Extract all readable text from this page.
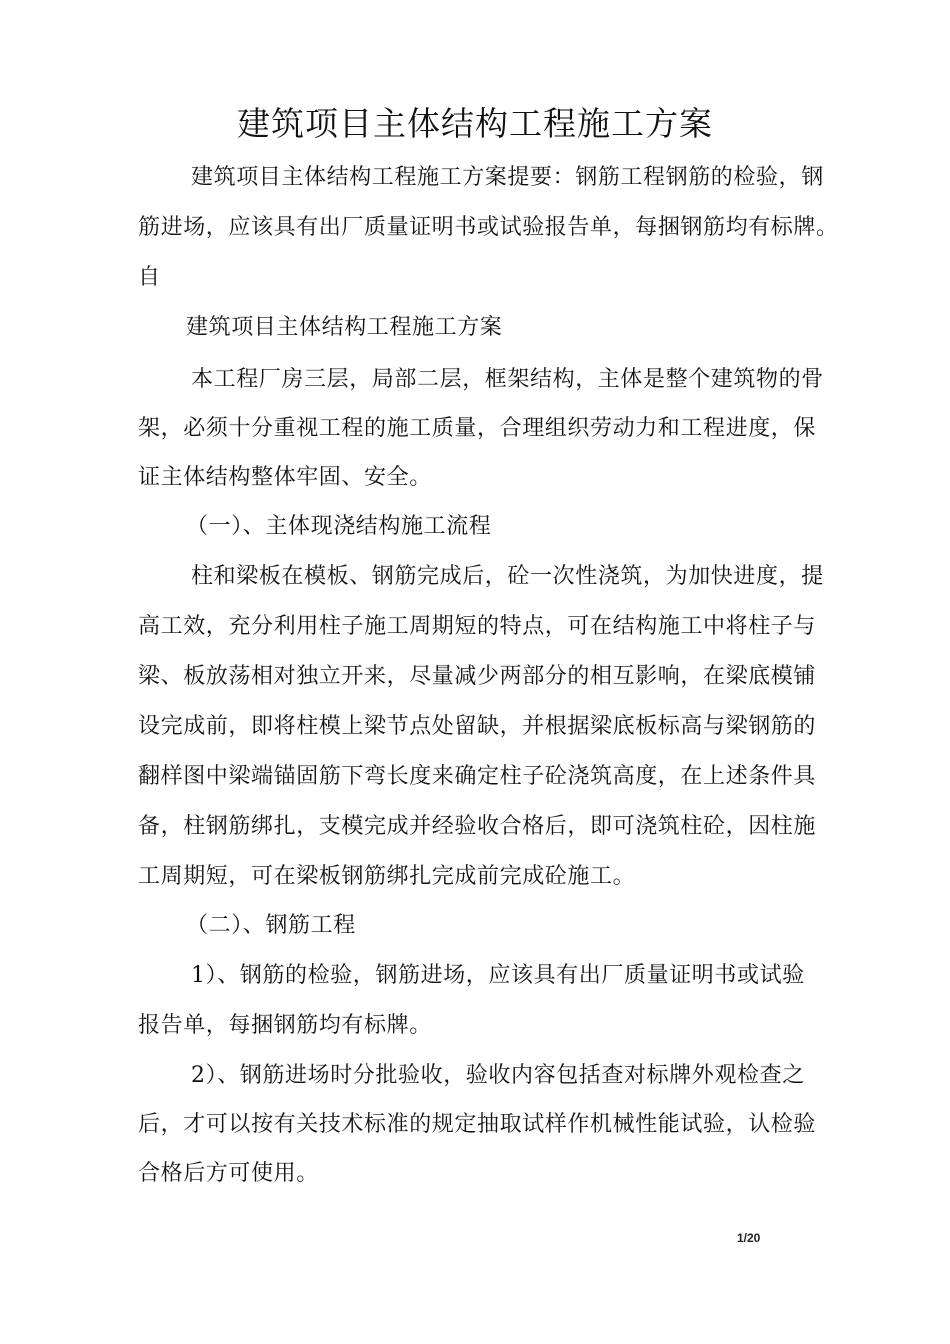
建筑项目主体结构工程施工方案
建筑项目主体结构工程施工方案提要：钢筋工程钢筋的检验，钢
筋进场，应该具有出厂质量证明书或试验报告单，每捆钢筋均有标牌。
自
建筑项目主体结构工程施工方案
本工程厂房三层，局部二层，框架结构，主体是整个建筑物的骨
架，必须十分重视工程的施工质量，合理组织劳动力和工程进度，保
证主体结构整体牢固、安全。
（一）、主体现浇结构施工流程
柱和梁板在模板、钢筋完成后，砼一次性浇筑，为加快进度，提
高工效，充分利用柱子施工周期短的特点，可在结构施工中将柱子与
梁、板放荡相对独立开来，尽量减少两部分的相互影响，在梁底模铺
设完成前，即将柱模上梁节点处留缺，并根据梁底板标高与梁钢筋的
翻样图中梁端锚固筋下弯长度来确定柱子砼浇筑高度，在上述条件具
备，柱钢筋绑扎，支模完成并经验收合格后，即可浇筑柱砼，因柱施
工周期短，可在梁板钢筋绑扎完成前完成砼施工。
（二）、钢筋工程
1）、钢筋的检验，钢筋进场，应该具有出厂质量证明书或试验
报告单，每捆钢筋均有标牌。
2）、钢筋进场时分批验收，验收内容包括查对标牌外观检查之
后，才可以按有关技术标准的规定抽取试样作机械性能试验，认检验
合格后方可使用。
1/20
